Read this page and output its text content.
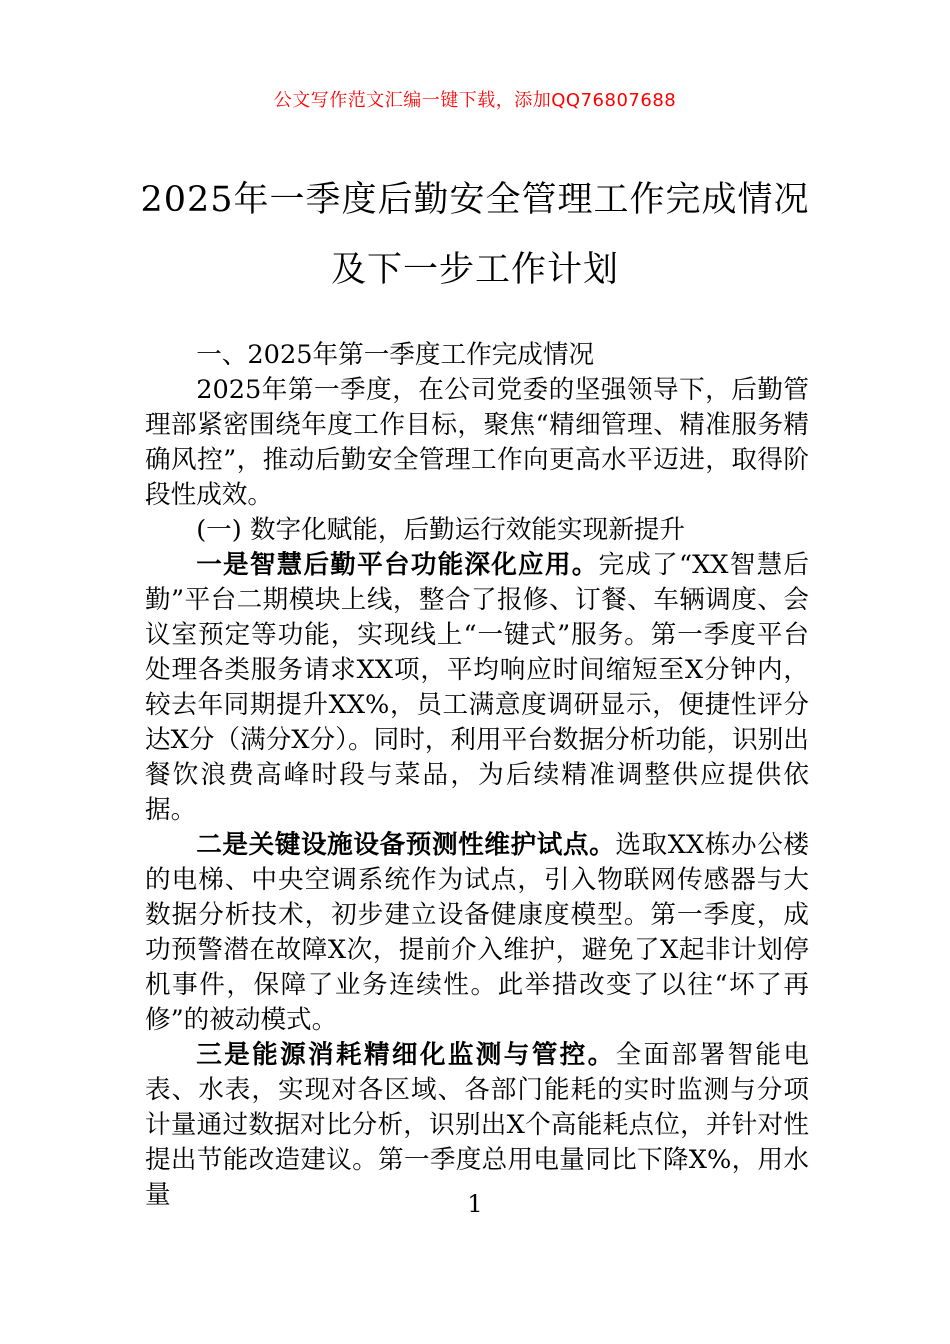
公文写作范文汇编一键下载，添加QQ76807688
2025年一季度后勤安全管理工作完成情况
及下一步工作计划

一、2025年第一季度工作完成情况

2025年第一季度，在公司党委的坚强领导下，后勤管理部紧密围绕年度工作目标，聚焦“精细管理、精准服务精确风控”，推动后勤安全管理工作向更高水平迈进，取得阶段性成效。

(一) 数字化赋能，后勤运行效能实现新提升

一是智慧后勤平台功能深化应用。完成了“XX智慧后勤”平台二期模块上线，整合了报修、订餐、车辆调度、会议室预定等功能，实现线上“一键式”服务。第一季度平台处理各类服务请求XX项，平均响应时间缩短至X分钟内，较去年同期提升XX%，员工满意度调研显示，便捷性评分达X分（满分X分）。同时，利用平台数据分析功能，识别出餐饮浪费高峰时段与菜品，为后续精准调整供应提供依据。

二是关键设施设备预测性维护试点。选取XX栋办公楼的电梯、中央空调系统作为试点，引入物联网传感器与大数据分析技术，初步建立设备健康度模型。第一季度，成功预警潜在故障X次，提前介入维护，避免了X起非计划停机事件，保障了业务连续性。此举措改变了以往“坏了再修”的被动模式。

三是能源消耗精细化监测与管控。全面部署智能电表、水表，实现对各区域、各部门能耗的实时监测与分项计量通过数据对比分析，识别出X个高能耗点位，并针对性提出节能改造建议。第一季度总用电量同比下降X%，用水量	1
